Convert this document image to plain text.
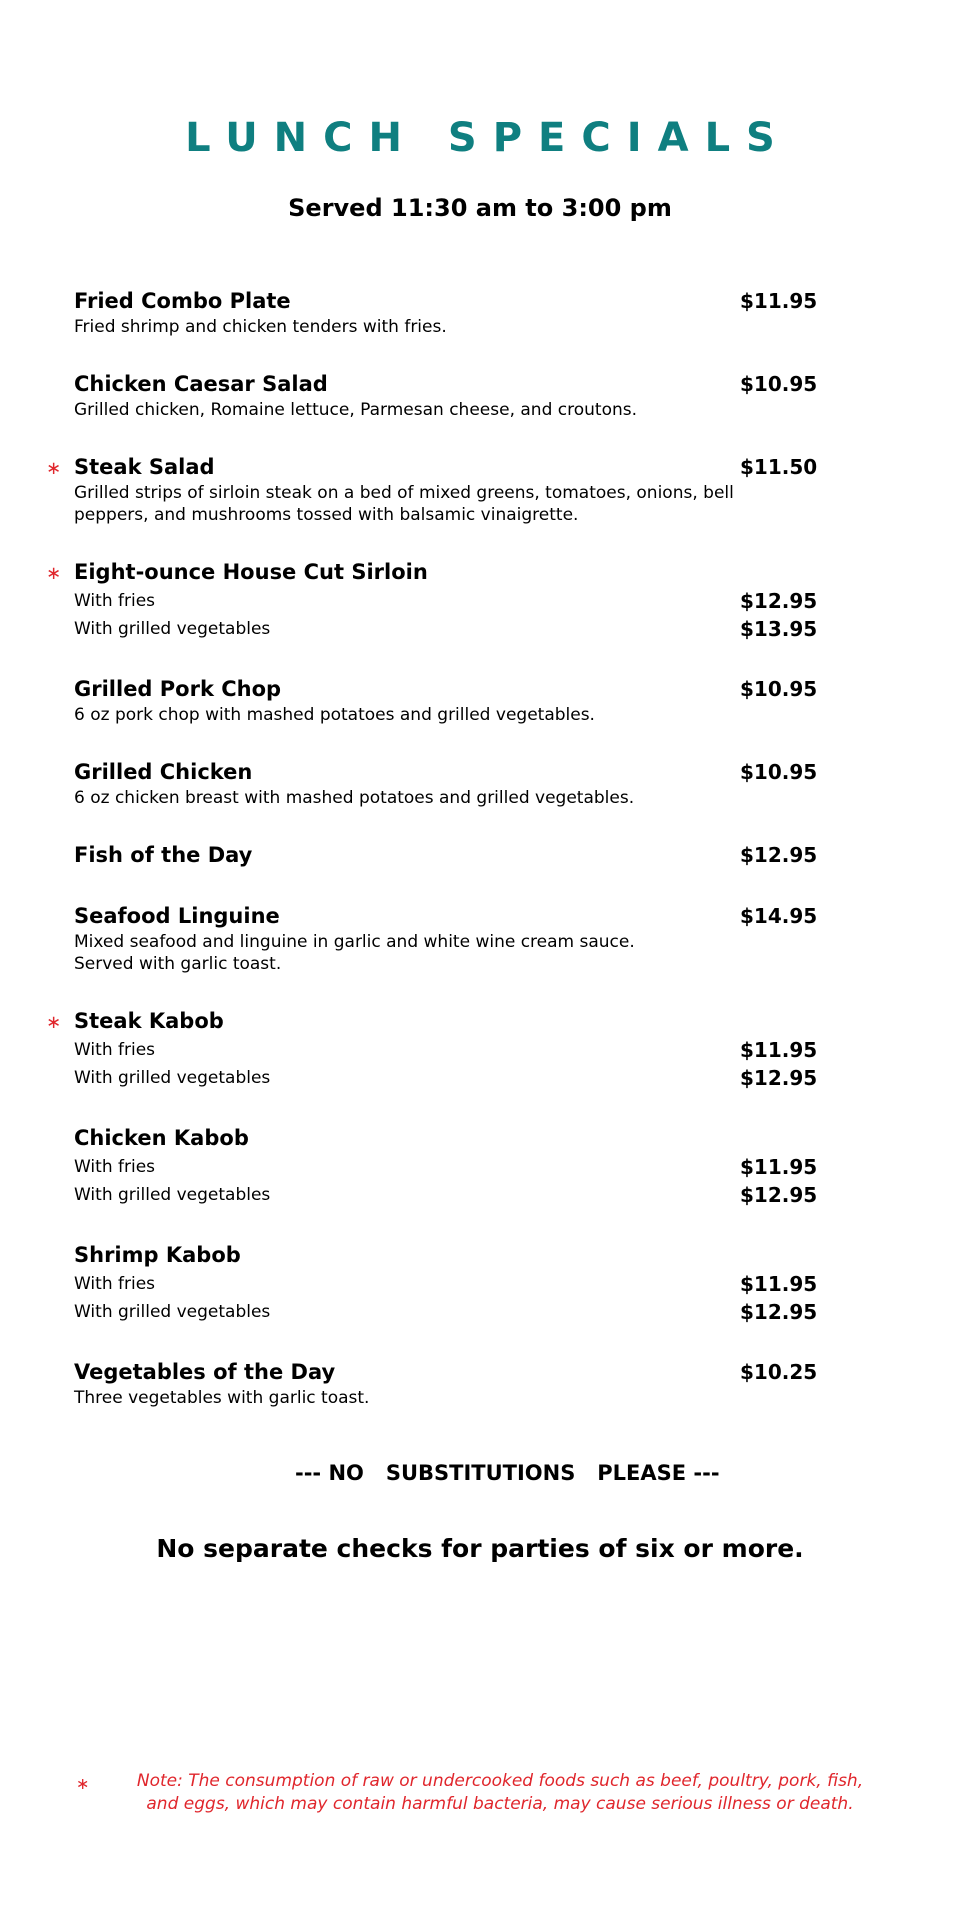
LUNCH SPECIALS
Served 11:30 am to 3:00 pm
Fried Combo Plate	$11.95
Fried shrimp and chicken tenders with fries.
Chicken Caesar Salad	$10.95
Grilled chicken, Romaine lettuce, Parmesan cheese, and croutons.
∗ Steak Salad	$11.50
Grilled strips of sirloin steak on a bed of mixed greens, tomatoes, onions, bell peppers, and mushrooms tossed with balsamic vinaigrette.
∗ Eight-ounce House Cut Sirloin
With fries	$12.95
With grilled vegetables	$13.95
Grilled Pork Chop	$10.95
6 oz pork chop with mashed potatoes and grilled vegetables.
Grilled Chicken	$10.95
6 oz chicken breast with mashed potatoes and grilled vegetables.
Fish of the Day	$12.95
Seafood Linguine	$14.95
Mixed seafood and linguine in garlic and white wine cream sauce.
Served with garlic toast.
∗ Steak Kabob
With fries	$11.95
With grilled vegetables	$12.95
Chicken Kabob
With fries	$11.95
With grilled vegetables	$12.95
Shrimp Kabob
With fries	$11.95
With grilled vegetables	$12.95
Vegetables of the Day	$10.25
Three vegetables with garlic toast.
--- NO   SUBSTITUTIONS   PLEASE ---
No separate checks for parties of six or more.
∗	Note: The consumption of raw or undercooked foods such as beef, poultry, pork, fish,
and eggs, which may contain harmful bacteria, may cause serious illness or death.
